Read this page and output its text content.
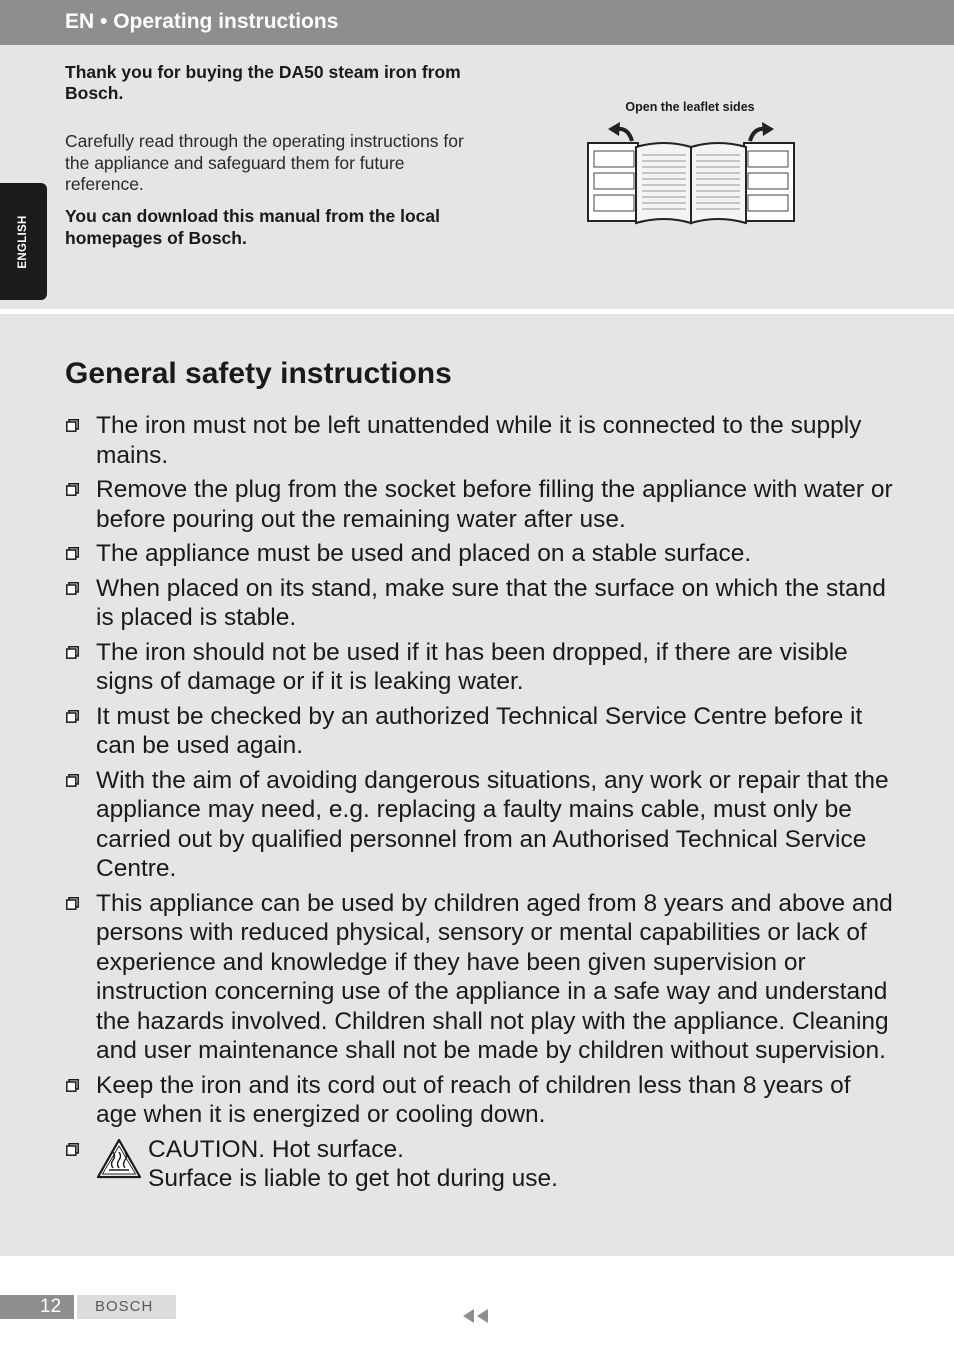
EN • Operating instructions
ENGLISH
Thank you for buying the DA50 steam iron from Bosch.
Carefully read through the operating instructions for the appliance and safeguard them for future reference.
You can download this manual from the local homepages of Bosch.
Open the leaflet sides
General safety instructions
The iron must not be left unattended while it is connected to the supply mains.
Remove the plug from the socket before filling the appliance with water or before pouring out the remaining water after use.
The appliance must be used and placed on a stable surface.
When placed on its stand, make sure that the surface on which the stand is placed is stable.
The iron should not be used if it has been dropped, if there are visible signs of damage or if it is leaking water.
It must be checked by an authorized Technical Service Centre before it can be used again.
With the aim of avoiding dangerous situations, any work or repair that the appliance may need, e.g. replacing a faulty mains cable, must only be carried out by qualified personnel from an Authorised Technical Service Centre.
This appliance can be used by children aged from 8 years and above and persons with reduced physical, sensory or mental capabilities or lack of experience and knowledge if they have been given supervision or instruction concerning use of the appliance in a safe way and understand the hazards involved. Children shall not play with the appliance. Cleaning and user maintenance shall not be made by children without supervision.
Keep the iron and its cord out of reach of children less than 8 years of age when it is energized or cooling down.
CAUTION. Hot surface.
Surface is liable to get hot during use.
12 BOSCH
